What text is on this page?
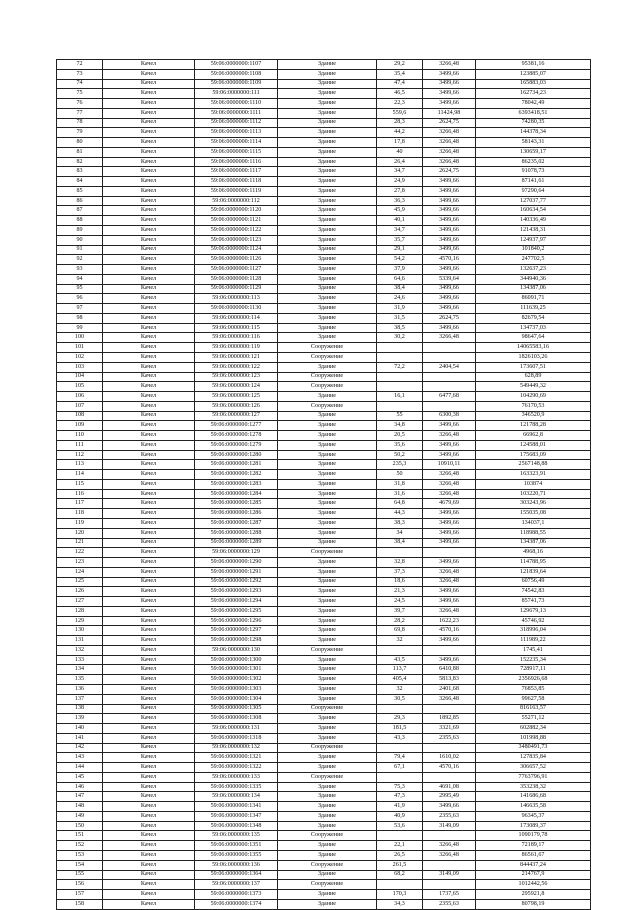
72	Качел	59:06:0000000:1107	Здание	29,2	3266,48	95381,16
73	Качел	59:06:0000000:1108	Здание	35,4	3499,66	123885,07
74	Качел	59:06:0000000:1109	Здание	47,4	3499,66	165883,03
75	Качел	59:06:0000000:111	Здание	46,5	3499,66	162734,23
76	Качел	59:06:0000000:1110	Здание	22,3	3499,66	78042,49
77	Качел	59:06:0000000:1111	Здание	559,6	11424,98	6393418,51
78	Качел	59:06:0000000:1112	Здание	28,3	2624,75	74280,35
79	Качел	59:06:0000000:1113	Здание	44,2	3266,48	144378,34
80	Качел	59:06:0000000:1114	Здание	17,8	3266,48	58143,31
81	Качел	59:06:0000000:1115	Здание	40	3266,48	130659,17
82	Качел	59:06:0000000:1116	Здание	26,4	3266,48	86235,02
83	Качел	59:06:0000000:1117	Здание	34,7	2624,75	91078,73
84	Качел	59:06:0000000:1118	Здание	24,9	3499,66	87141,61
85	Качел	59:06:0000000:1119	Здание	27,8	3499,66	97290,64
86	Качел	59:06:0000000:112	Здание	36,3	3499,66	127037,77
87	Качел	59:06:0000000:1120	Здание	45,9	3499,66	160634,54
88	Качел	59:06:0000000:1121	Здание	40,1	3499,66	140336,49
89	Качел	59:06:0000000:1122	Здание	34,7	3499,66	121438,31
90	Качел	59:06:0000000:1123	Здание	35,7	3499,66	124937,97
91	Качел	59:06:0000000:1124	Здание	29,1	3499,66	101840,2
92	Качел	59:06:0000000:1126	Здание	54,2	4570,16	247702,5
93	Качел	59:06:0000000:1127	Здание	37,9	3499,66	132637,23
94	Качел	59:06:0000000:1128	Здание	64,6	5339,64	344940,36
95	Качел	59:06:0000000:1129	Здание	38,4	3499,66	134387,06
96	Качел	59:06:0000000:113	Здание	24,6	3499,66	86091,71
97	Качел	59:06:0000000:1130	Здание	31,9	3499,66	111639,25
98	Качел	59:06:0000000:114	Здание	31,5	2624,75	82679,54
99	Качел	59:06:0000000:115	Здание	38,5	3499,66	134737,03
100	Качел	59:06:0000000:116	Здание	30,2	3266,48	98647,64
101	Качел	59:06:0000000:119	Сооружение			14065583,16
102	Качел	59:06:0000000:121	Сооружение			1826103,26
103	Качел	59:06:0000000:122	Здание	72,2	2404,54	173607,51
104	Качел	59:06:0000000:123	Сооружение			628,89
105	Качел	59:06:0000000:124	Сооружение			549449,32
106	Качел	59:06:0000000:125	Здание	16,1	6477,68	104290,69
107	Качел	59:06:0000000:126	Сооружение			76170,53
108	Качел	59:06:0000000:127	Здание	55	6300,38	346520,9
109	Качел	59:06:0000000:1277	Здание	34,8	3499,66	121788,28
110	Качел	59:06:0000000:1278	Здание	20,5	3266,48	66962,8
111	Качел	59:06:0000000:1279	Здание	35,6	3499,66	124588,01
112	Качел	59:06:0000000:1280	Здание	50,2	3499,66	175683,09
113	Качел	59:06:0000000:1281	Здание	235,3	10910,11	2567148,88
114	Качел	59:06:0000000:1282	Здание	50	3266,48	163323,91
115	Качел	59:06:0000000:1283	Здание	31,8	3266,48	103874
116	Качел	59:06:0000000:1284	Здание	31,6	3266,48	103220,71
117	Качел	59:06:0000000:1285	Здание	64,8	4679,69	303243,96
118	Качел	59:06:0000000:1286	Здание	44,3	3499,66	155035,08
119	Качел	59:06:0000000:1287	Здание	38,3	3499,66	134037,1
120	Качел	59:06:0000000:1288	Здание	34	3499,66	118988,55
121	Качел	59:06:0000000:1289	Здание	38,4	3499,66	134387,06
122	Качел	59:06:0000000:129	Сооружение			4968,16
123	Качел	59:06:0000000:1290	Здание	32,8	3499,66	114788,95
124	Качел	59:06:0000000:1291	Здание	37,3	3266,48	121839,64
125	Качел	59:06:0000000:1292	Здание	18,6	3266,48	60756,49
126	Качел	59:06:0000000:1293	Здание	21,3	3499,66	74542,83
127	Качел	59:06:0000000:1294	Здание	24,5	3499,66	85741,73
128	Качел	59:06:0000000:1295	Здание	39,7	3266,48	129679,13
129	Качел	59:06:0000000:1296	Здание	28,2	1622,23	45746,92
130	Качел	59:06:0000000:1297	Здание	69,8	4570,16	318996,04
131	Качел	59:06:0000000:1298	Здание	32	3499,66	111989,22
132	Качел	59:06:0000000:130	Сооружение			1745,41
133	Качел	59:06:0000000:1300	Здание	43,5	3499,66	152235,34
134	Качел	59:06:0000000:1301	Здание	113,7	6410,88	728917,11
135	Качел	59:06:0000000:1302	Здание	405,4	5813,83	2356926,68
136	Качел	59:06:0000000:1303	Здание	32	2401,68	76853,85
137	Качел	59:06:0000000:1304	Здание	30,5	3266,48	99627,58
138	Качел	59:06:0000000:1305	Сооружение			816163,57
139	Качел	59:06:0000000:1308	Здание	29,3	1892,85	55271,12
140	Качел	59:06:0000000:131	Здание	181,5	3321,69	602882,34
141	Качел	59:06:0000000:1318	Здание	43,3	2355,63	101998,88
142	Качел	59:06:0000000:132	Сооружение			3480491,73
143	Качел	59:06:0000000:1321	Здание	79,4	1610,02	127835,84
144	Качел	59:06:0000000:1322	Здание	67,1	4570,16	306657,52
145	Качел	59:06:0000000:133	Сооружение			7763796,91
146	Качел	59:06:0000000:1335	Здание	75,3	4691,08	353238,32
147	Качел	59:06:0000000:134	Здание	47,3	2995,49	141686,68
148	Качел	59:06:0000000:1341	Здание	41,9	3499,66	146635,58
149	Качел	59:06:0000000:1347	Здание	40,9	2355,63	96345,37
150	Качел	59:06:0000000:1348	Здание	53,6	3149,09	173089,37
151	Качел	59:06:0000000:135	Сооружение			1090179,78
152	Качел	59:06:0000000:1351	Здание	22,1	3266,48	72189,17
153	Качел	59:06:0000000:1355	Здание	26,5	3266,48	86561,67
154	Качел	59:06:0000000:136	Сооружение	261,5		844437,24
155	Качел	59:06:0000000:1364	Здание	68,2	3149,09	214767,9
156	Качел	59:06:0000000:137	Сооружение			1012442,56
157	Качел	59:06:0000000:1373	Здание	170,3	1737,65	295921,8
158	Качел	59:06:0000000:1374	Здание	34,3	2355,63	80798,19
